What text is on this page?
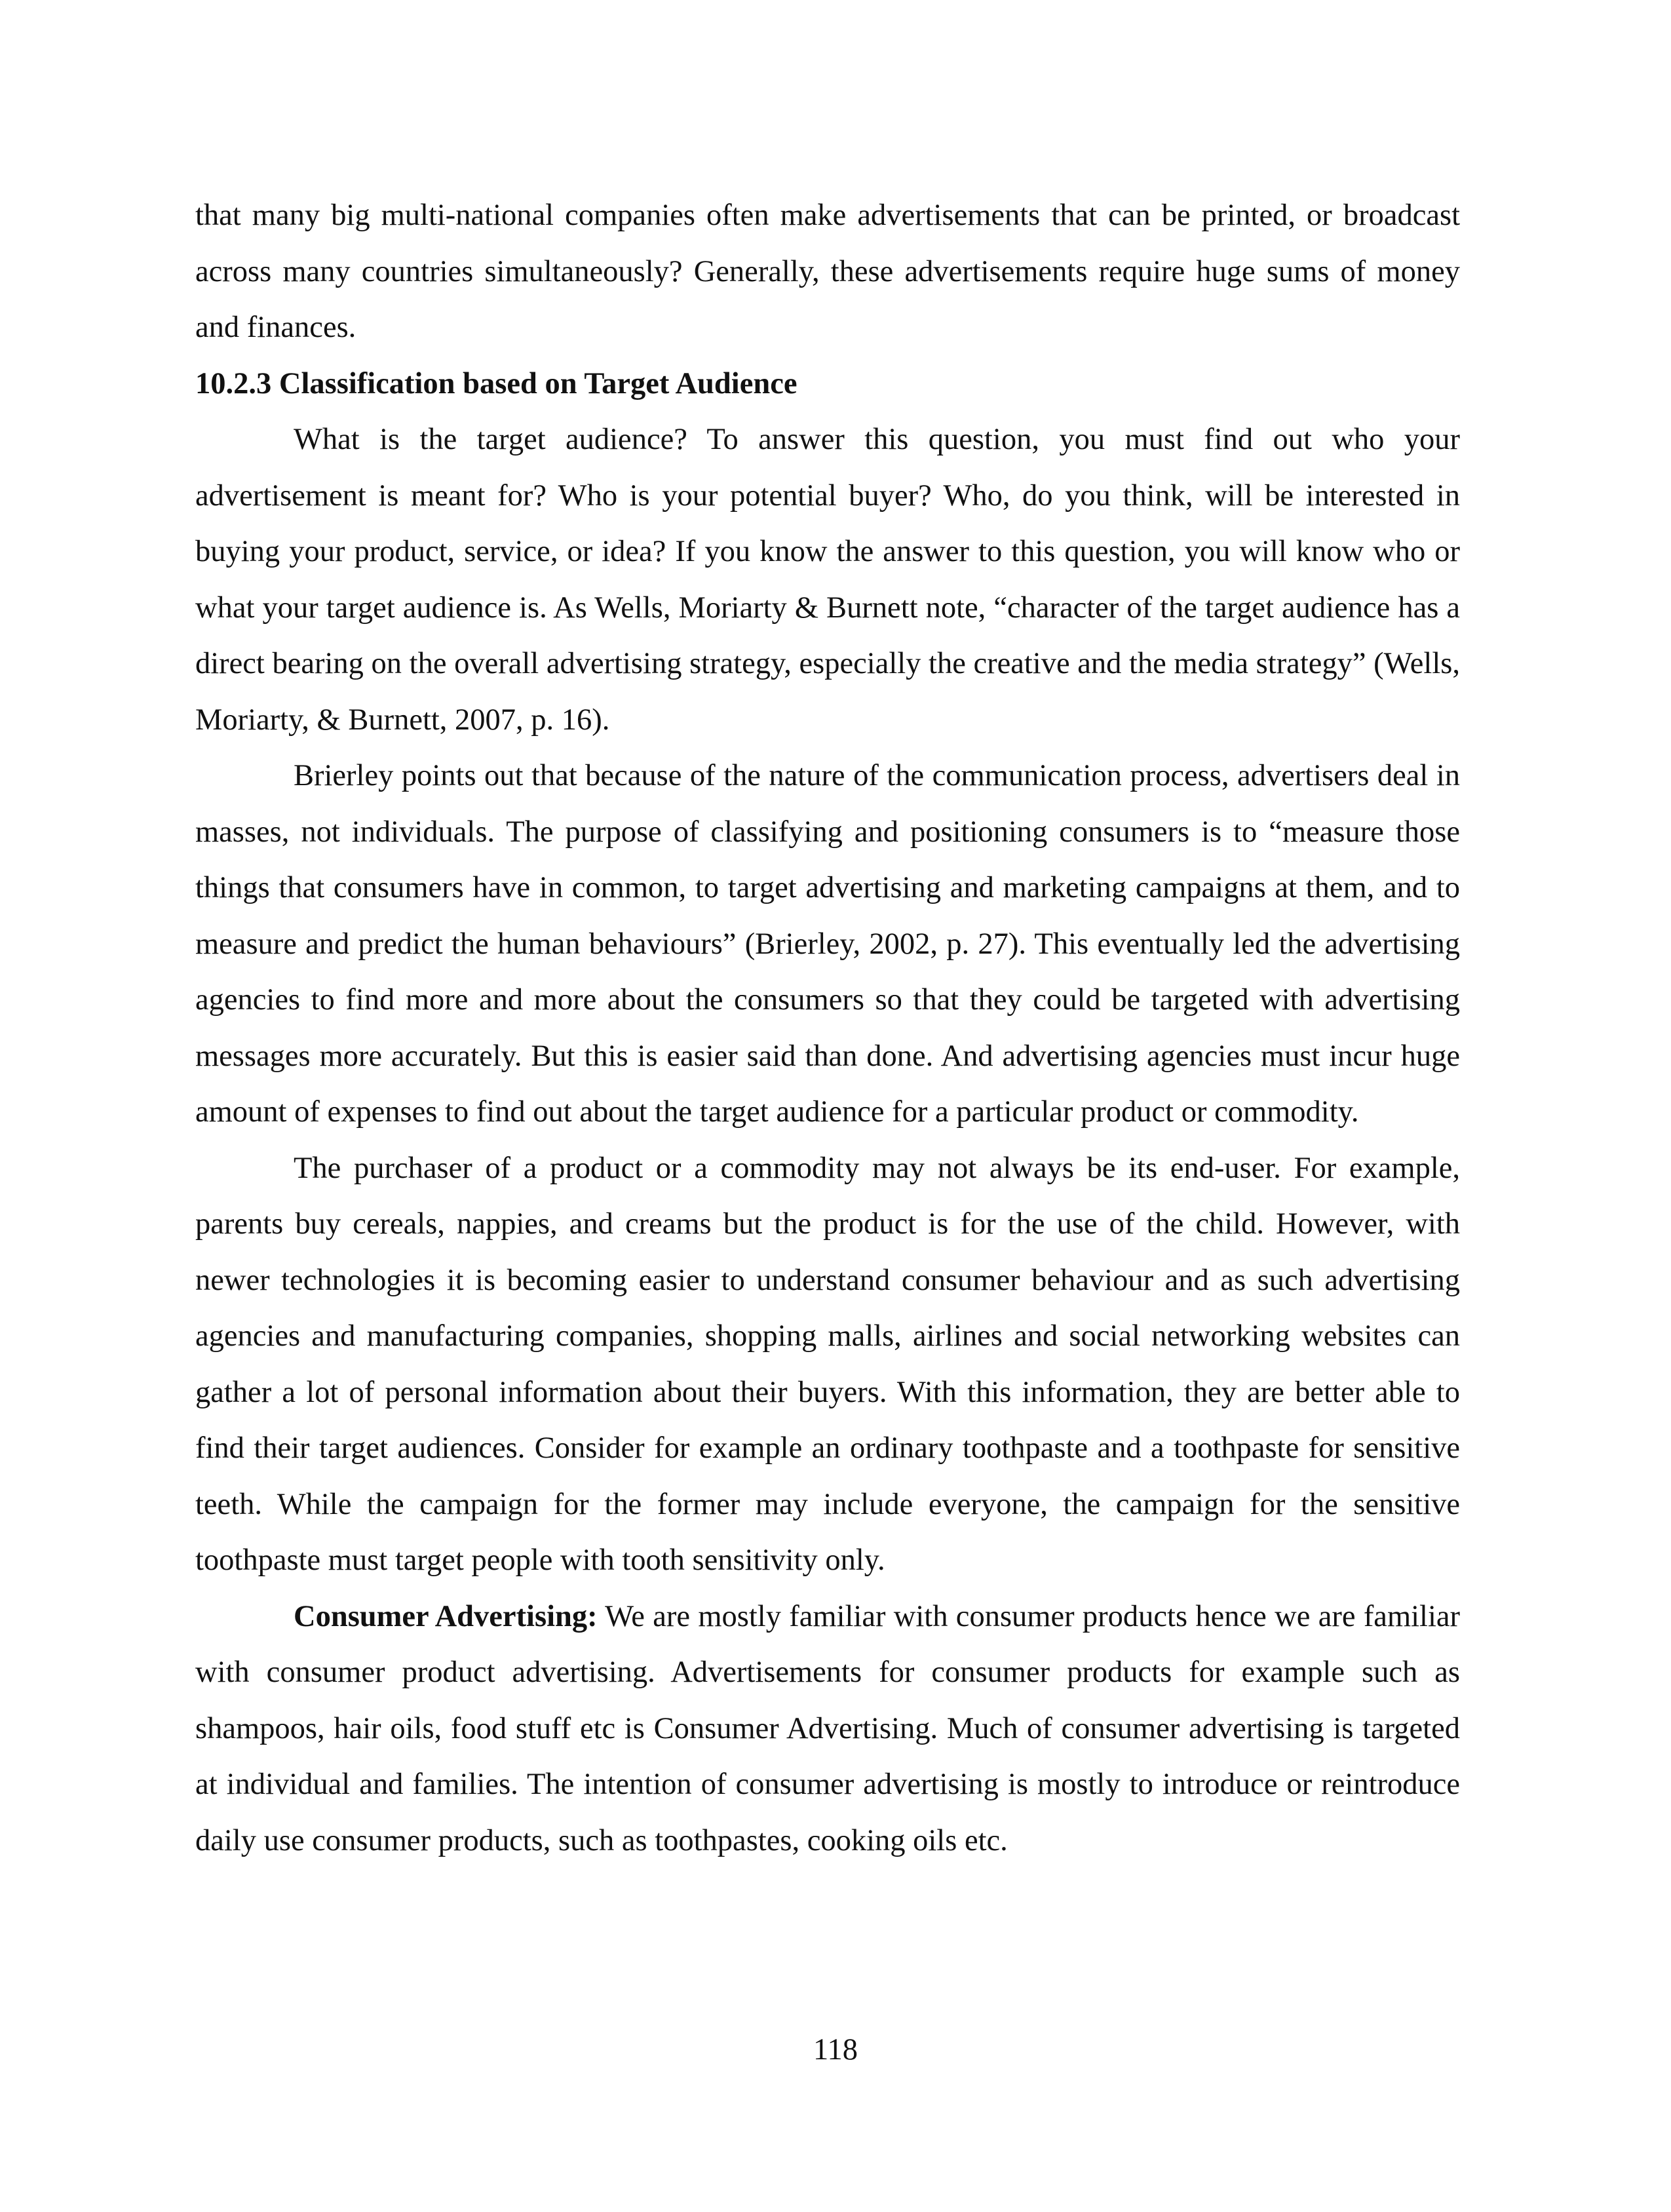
that many big multi-national companies often make advertisements that can be printed, or broadcast across many countries simultaneously? Generally, these advertisements require huge sums of money and finances.

10.2.3 Classification based on Target Audience

What is the target audience? To answer this question, you must find out who your advertisement is meant for? Who is your potential buyer? Who, do you think, will be interested in buying your product, service, or idea? If you know the answer to this question, you will know who or what your target audience is. As Wells, Moriarty & Burnett note, “character of the target audience has a direct bearing on the overall advertising strategy, especially the creative and the media strategy” (Wells, Moriarty, & Burnett, 2007, p. 16).

Brierley points out that because of the nature of the communication process, advertisers deal in masses, not individuals. The purpose of classifying and positioning consumers is to “measure those things that consumers have in common, to target advertising and marketing campaigns at them, and to measure and predict the human behaviours” (Brierley, 2002, p. 27). This eventually led the advertising agencies to find more and more about the consumers so that they could be targeted with advertising messages more accurately. But this is easier said than done. And advertising agencies must incur huge amount of expenses to find out about the target audience for a particular product or commodity.

The purchaser of a product or a commodity may not always be its end-user. For example, parents buy cereals, nappies, and creams but the product is for the use of the child. However, with newer technologies it is becoming easier to understand consumer behaviour and as such advertising agencies and manufacturing companies, shopping malls, airlines and social networking websites can gather a lot of personal information about their buyers. With this information, they are better able to find their target audiences. Consider for example an ordinary toothpaste and a toothpaste for sensitive teeth. While the campaign for the former may include everyone, the campaign for the sensitive toothpaste must target people with tooth sensitivity only.

Consumer Advertising: We are mostly familiar with consumer products hence we are familiar with consumer product advertising. Advertisements for consumer products for example such as shampoos, hair oils, food stuff etc is Consumer Advertising. Much of consumer advertising is targeted at individual and families. The intention of consumer advertising is mostly to introduce or reintroduce daily use consumer products, such as toothpastes, cooking oils etc.

118
